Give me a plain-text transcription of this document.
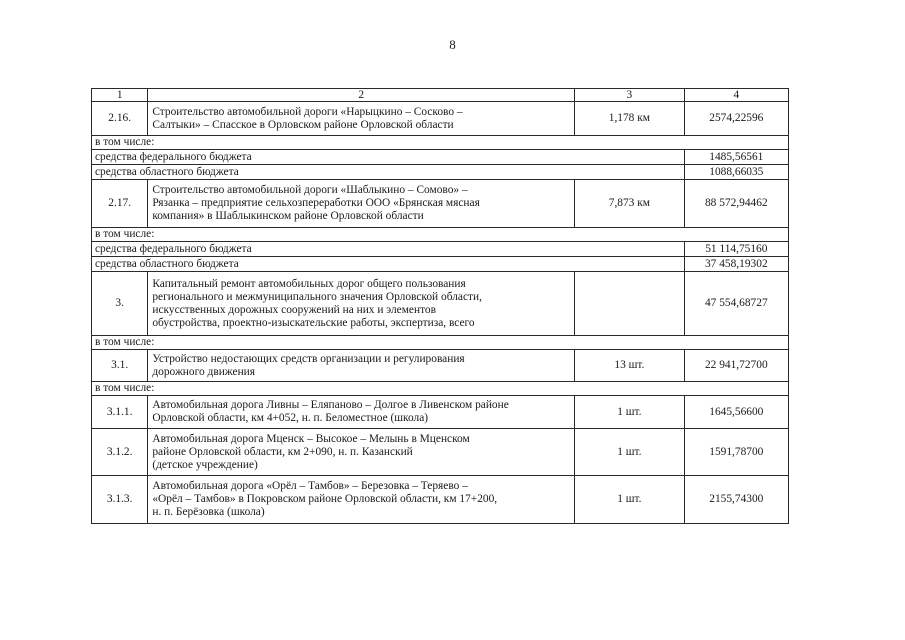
8
1	2	3	4
2.16.	Строительство автомобильной дороги «Нарыцкино – Сосково –
Салтыки» – Спасское в Орловском районе Орловской области	1,178 км	2574,22596
в том числе:			
средства федерального бюджета			1485,56561
средства областного бюджета			1088,66035
2.17.	Строительство автомобильной дороги «Шаблыкино – Сомово» –
Рязанка – предприятие сельхозпереработки ООО «Брянская мясная
компания» в Шаблыкинском районе Орловской области	7,873 км	88 572,94462
в том числе:			
средства федерального бюджета			51 114,75160
средства областного бюджета			37 458,19302
3.	Капитальный ремонт автомобильных дорог общего пользования
регионального и межмуниципального значения Орловской области,
искусственных дорожных сооружений на них и элементов
обустройства, проектно-изыскательские работы, экспертиза, всего		47 554,68727
в том числе:			
3.1.	Устройство недостающих средств организации и регулирования
дорожного движения	13 шт.	22 941,72700
в том числе:			
3.1.1.	Автомобильная дорога Ливны – Еляпаново – Долгое в Ливенском районе
Орловской области, км 4+052, н. п. Беломестное (школа)	1 шт.	1645,56600
3.1.2.	Автомобильная дорога Мценск – Высокое – Мелынь в Мценском
районе Орловской области, км 2+090, н. п. Казанский
(детское учреждение)	1 шт.	1591,78700
3.1.3.	Автомобильная дорога «Орёл – Тамбов» – Березовка – Теряево –
«Орёл – Тамбов» в Покровском районе Орловской области, км 17+200,
н. п. Берёзовка (школа)	1 шт.	2155,74300
